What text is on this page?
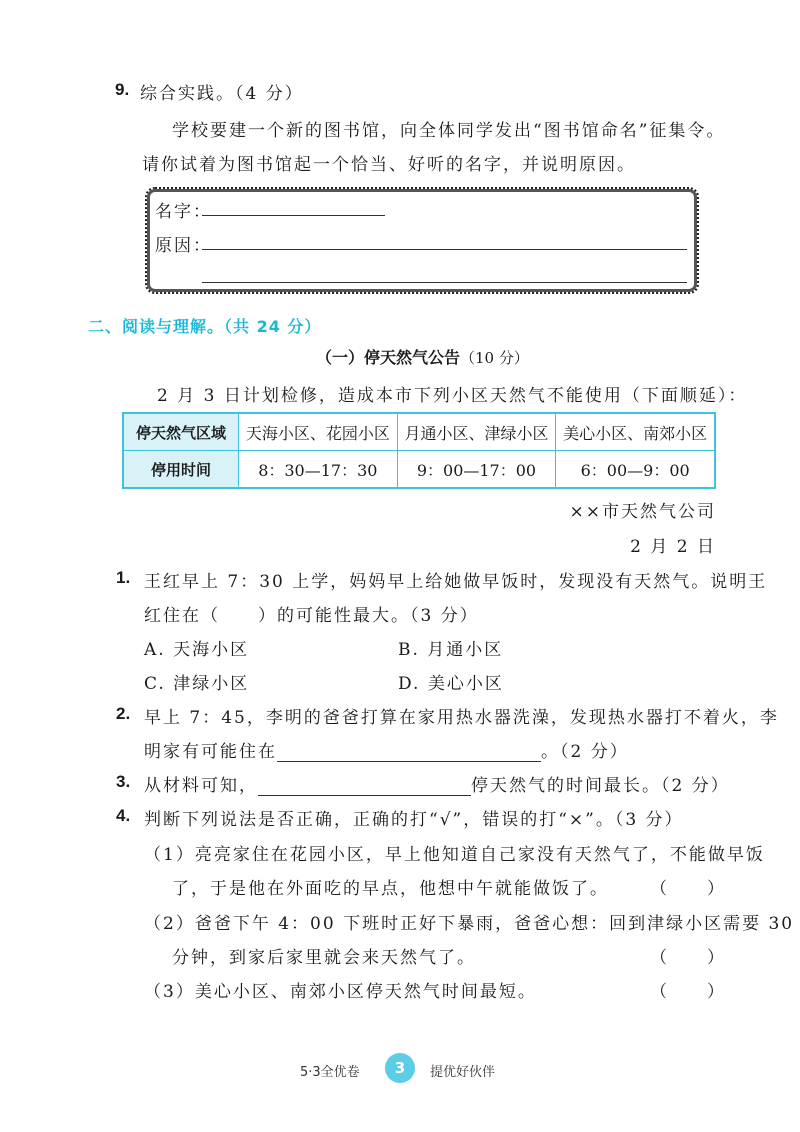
9. 综合实践。（4 分）
学校要建一个新的图书馆，向全体同学发出“图书馆命名”征集令。
请你试着为图书馆起一个恰当、好听的名字，并说明原因。
名字：
原因：
二、阅读与理解。（共 24 分）
（一）停天然气公告（10 分）
2 月 3 日计划检修，造成本市下列小区天然气不能使用（下面顺延）：
停天然气区域	天海小区、花园小区	月通小区、津绿小区	美心小区、南郊小区
停用时间	8：30—17：30	9：00—17：00	6：00—9：00
××市天然气公司
2 月 2 日
1. 王红早上 7：30 上学，妈妈早上给她做早饭时，发现没有天然气。说明王
红住在（　　）的可能性最大。（3 分）
A. 天海小区	B. 月通小区
C. 津绿小区	D. 美心小区
2. 早上 7：45，李明的爸爸打算在家用热水器洗澡，发现热水器打不着火，李
明家有可能住在	。（2 分）
3. 从材料可知，	停天然气的时间最长。（2 分）
4. 判断下列说法是否正确，正确的打“√”，错误的打“×”。（3 分）
（1）亮亮家住在花园小区，早上他知道自己家没有天然气了，不能做早饭
了，于是他在外面吃的早点，他想中午就能做饭了。 （　　）
（2）爸爸下午 4：00 下班时正好下暴雨，爸爸心想：回到津绿小区需要 30
分钟，到家后家里就会来天然气了。	（　　）
（3）美心小区、南郊小区停天然气时间最短。	（　　）
5·3全优卷	3	提优好伙伴
